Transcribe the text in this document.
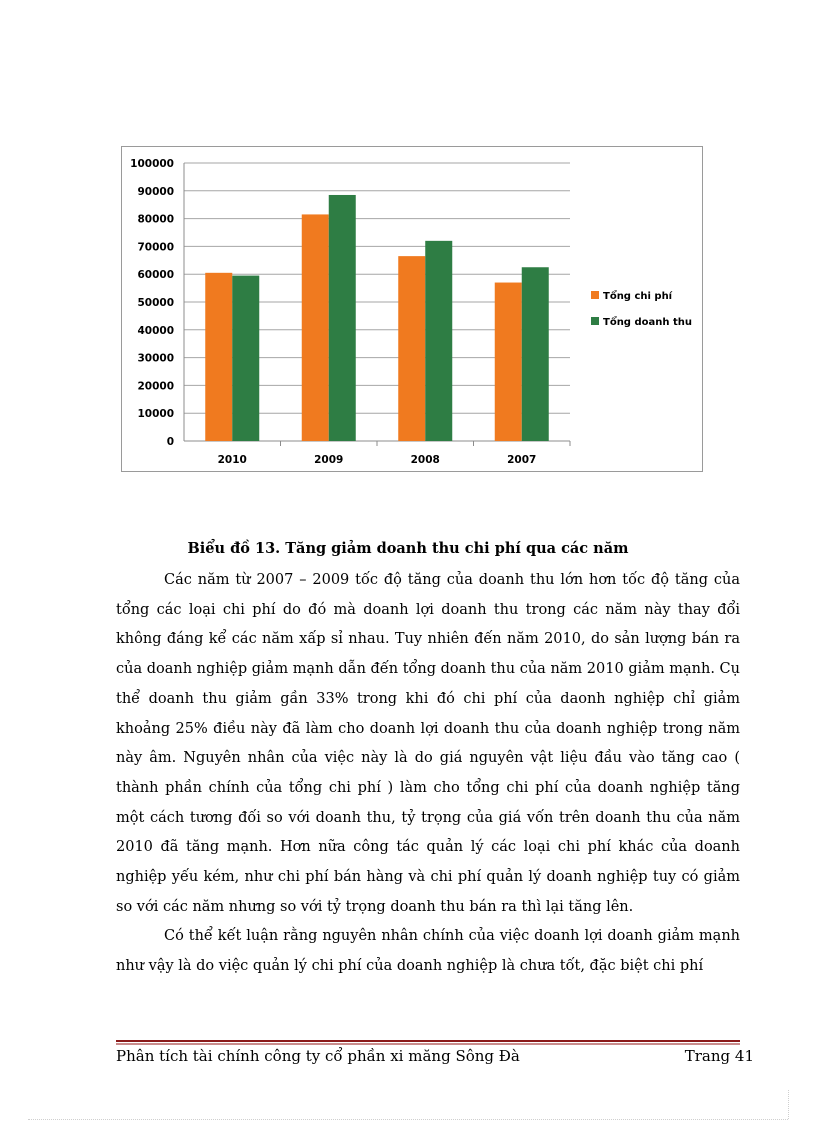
0
10000
20000
30000
40000
50000
60000
70000
80000
90000
100000
2010	2009	2008	2007
Tổng chi phí
Tổng doanh thu
Biểu đồ 13. Tăng giảm doanh thu chi phí qua các năm

Các năm từ 2007 – 2009 tốc độ tăng của doanh thu lớn hơn tốc độ tăng của tổng các loại chi phí do đó mà doanh lợi doanh thu trong các năm này thay đổi không đáng kể các năm xấp sỉ nhau. Tuy nhiên đến năm 2010, do sản lượng bán ra của doanh nghiệp giảm mạnh dẫn đến tổng doanh thu của năm 2010 giảm mạnh. Cụ thể doanh thu giảm gần 33% trong khi đó chi phí của daonh nghiệp chỉ giảm khoảng 25% điều này đã làm cho doanh lợi doanh thu của doanh nghiệp trong năm này âm. Nguyên nhân của việc này là do giá nguyên vật liệu đầu vào tăng cao ( thành phần chính của tổng chi phí ) làm cho tổng chi phí của doanh nghiệp tăng một cách tương đối so với doanh thu, tỷ trọng của giá vốn trên doanh thu của năm 2010 đã tăng mạnh. Hơn nữa công tác quản lý các loại chi phí khác của doanh nghiệp yếu kém, như chi phí bán hàng và chi phí quản lý doanh nghiệp tuy có giảm so với các năm nhưng so với tỷ trọng doanh thu bán ra thì lại tăng lên.

Có thể kết luận rằng nguyên nhân chính của việc doanh lợi doanh giảm mạnh như vậy là do việc quản lý chi phí của doanh nghiệp là chưa tốt, đặc biệt chi phí

Phân tích tài chính công ty cổ phần xi măng Sông Đà	Trang 41
